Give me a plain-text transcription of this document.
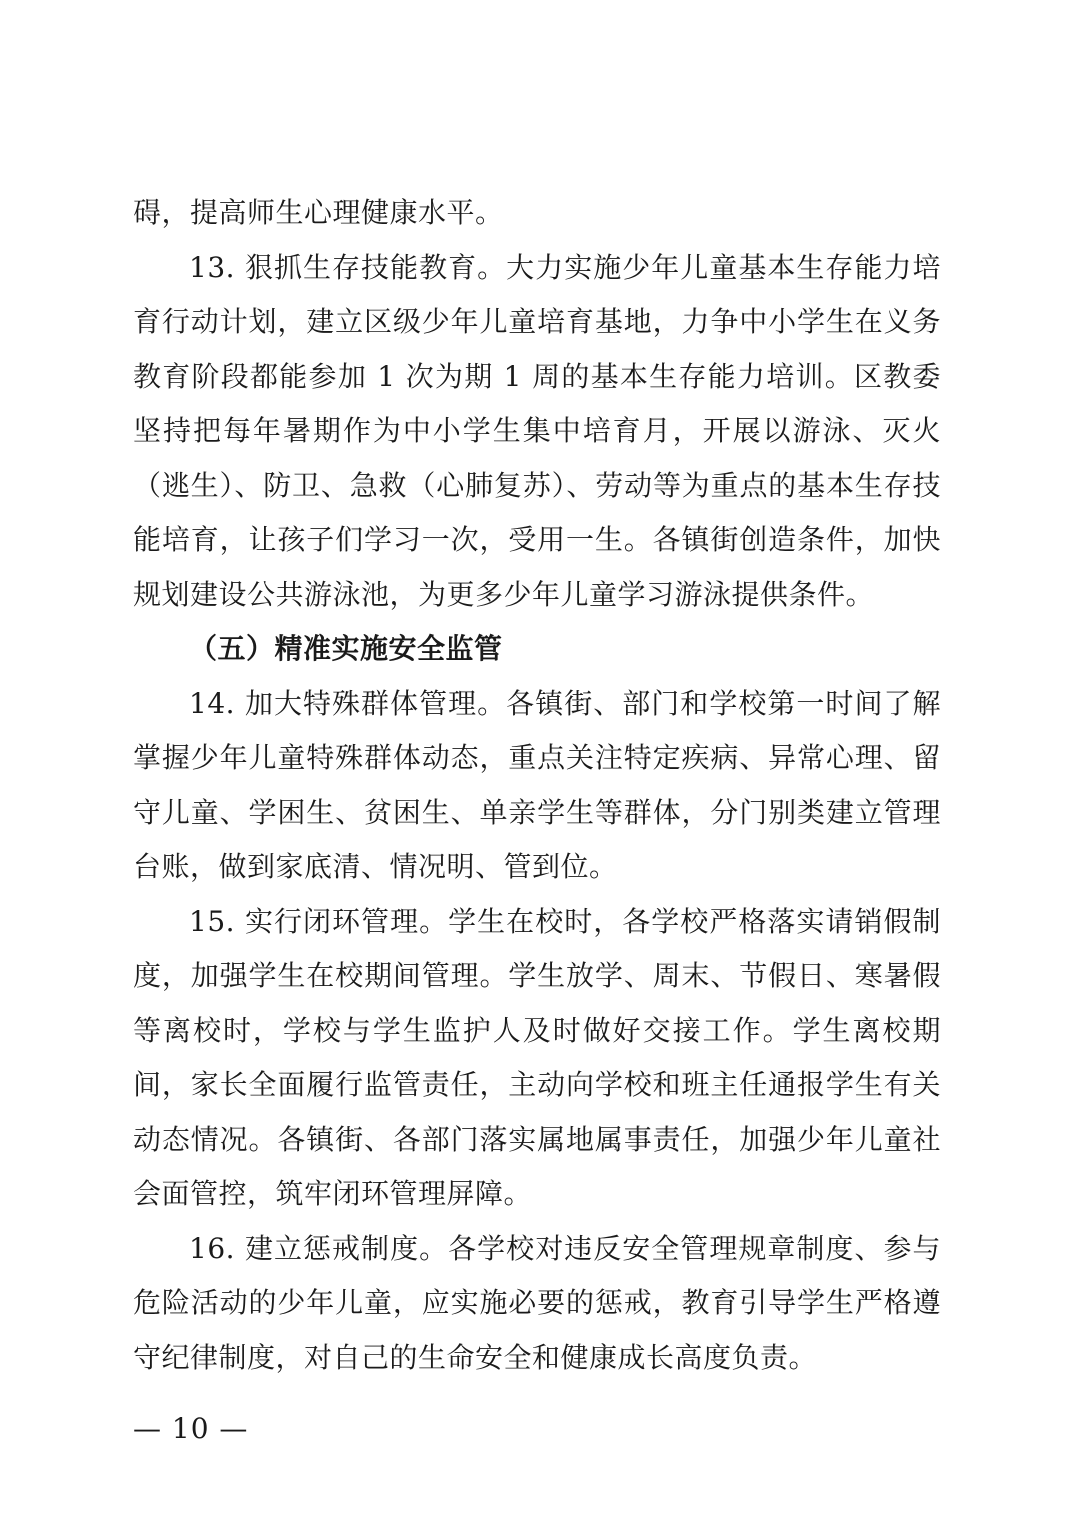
碍，提高师生心理健康水平。

13. 狠抓生存技能教育。大力实施少年儿童基本生存能力培育行动计划，建立区级少年儿童培育基地，力争中小学生在义务教育阶段都能参加 1 次为期 1 周的基本生存能力培训。区教委坚持把每年暑期作为中小学生集中培育月，开展以游泳、灭火（逃生）、防卫、急救（心肺复苏）、劳动等为重点的基本生存技能培育，让孩子们学习一次，受用一生。各镇街创造条件，加快规划建设公共游泳池，为更多少年儿童学习游泳提供条件。

（五）精准实施安全监管

14. 加大特殊群体管理。各镇街、部门和学校第一时间了解掌握少年儿童特殊群体动态，重点关注特定疾病、异常心理、留守儿童、学困生、贫困生、单亲学生等群体，分门别类建立管理台账，做到家底清、情况明、管到位。

15. 实行闭环管理。学生在校时，各学校严格落实请销假制度，加强学生在校期间管理。学生放学、周末、节假日、寒暑假等离校时，学校与学生监护人及时做好交接工作。学生离校期间，家长全面履行监管责任，主动向学校和班主任通报学生有关动态情况。各镇街、各部门落实属地属事责任，加强少年儿童社会面管控，筑牢闭环管理屏障。

16. 建立惩戒制度。各学校对违反安全管理规章制度、参与危险活动的少年儿童，应实施必要的惩戒，教育引导学生严格遵守纪律制度，对自己的生命安全和健康成长高度负责。

— 10 —
